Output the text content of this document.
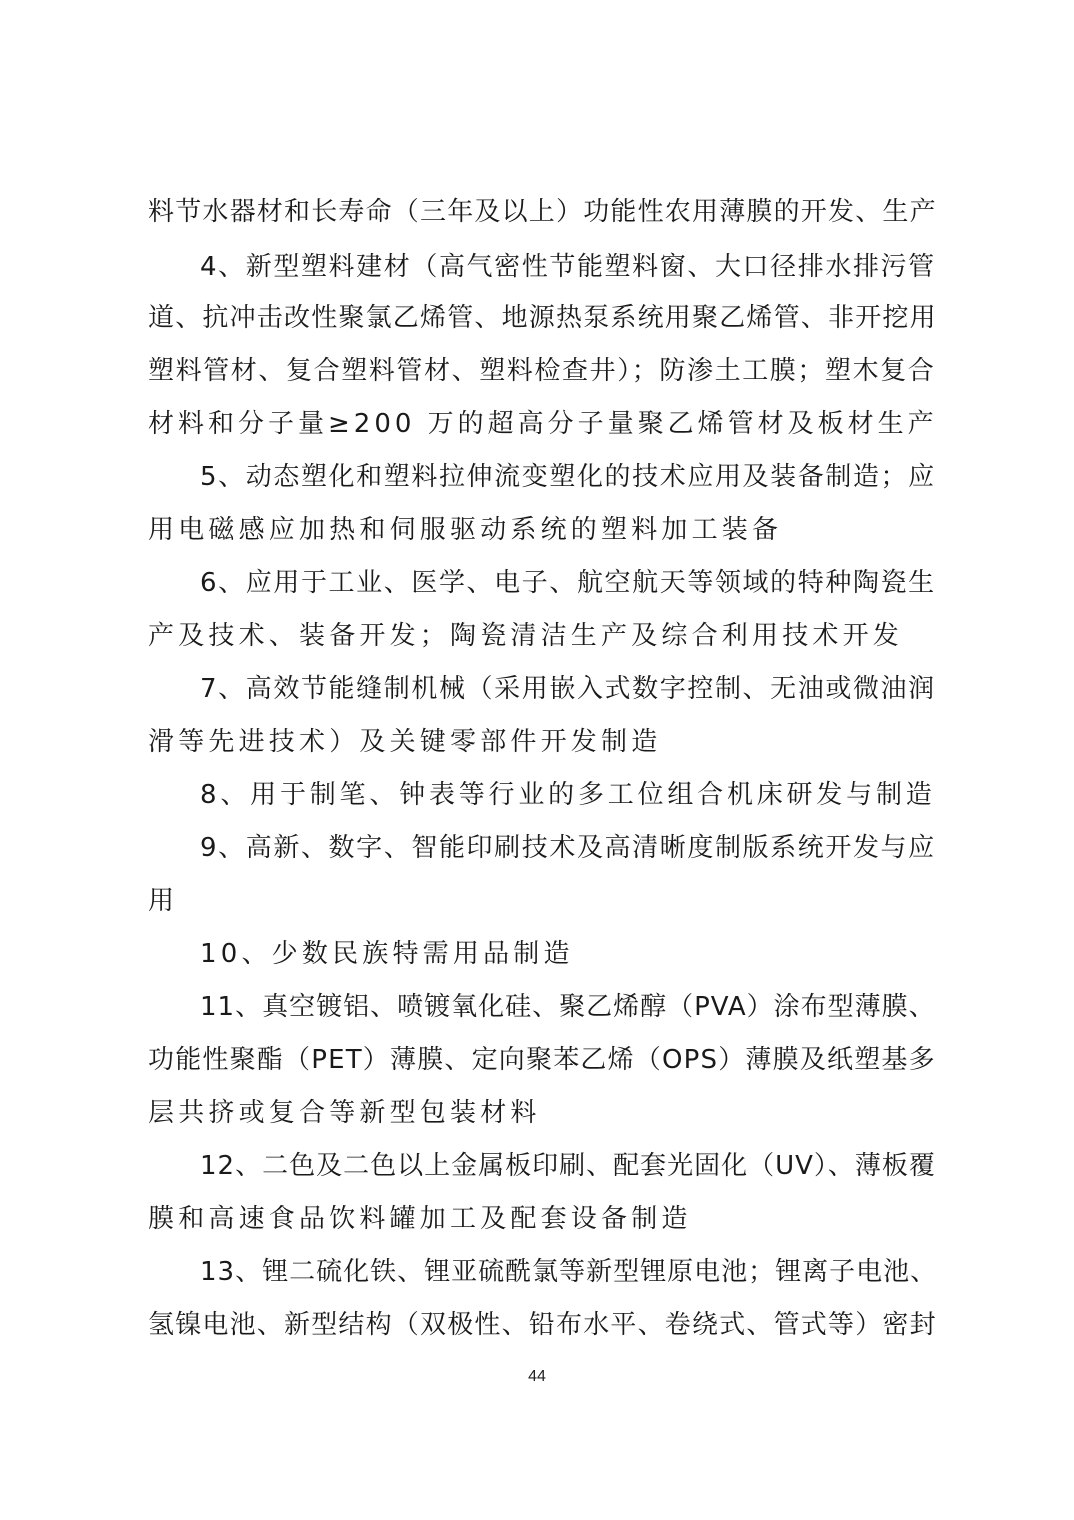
料节水器材和长寿命（三年及以上）功能性农用薄膜的开发、生产
4、新型塑料建材（高气密性节能塑料窗、大口径排水排污管
道、抗冲击改性聚氯乙烯管、地源热泵系统用聚乙烯管、非开挖用
塑料管材、复合塑料管材、塑料检查井）；防渗土工膜；塑木复合
材料和分子量≥200 万的超高分子量聚乙烯管材及板材生产
5、动态塑化和塑料拉伸流变塑化的技术应用及装备制造；应
用电磁感应加热和伺服驱动系统的塑料加工装备
6、应用于工业、医学、电子、航空航天等领域的特种陶瓷生
产及技术、装备开发；陶瓷清洁生产及综合利用技术开发
7、高效节能缝制机械（采用嵌入式数字控制、无油或微油润
滑等先进技术）及关键零部件开发制造
8、用于制笔、钟表等行业的多工位组合机床研发与制造
9、高新、数字、智能印刷技术及高清晰度制版系统开发与应
用
10、少数民族特需用品制造
11、真空镀铝、喷镀氧化硅、聚乙烯醇（PVA）涂布型薄膜、
功能性聚酯（PET）薄膜、定向聚苯乙烯（OPS）薄膜及纸塑基多
层共挤或复合等新型包装材料
12、二色及二色以上金属板印刷、配套光固化（UV）、薄板覆
膜和高速食品饮料罐加工及配套设备制造
13、锂二硫化铁、锂亚硫酰氯等新型锂原电池；锂离子电池、
氢镍电池、新型结构（双极性、铅布水平、卷绕式、管式等）密封
44
